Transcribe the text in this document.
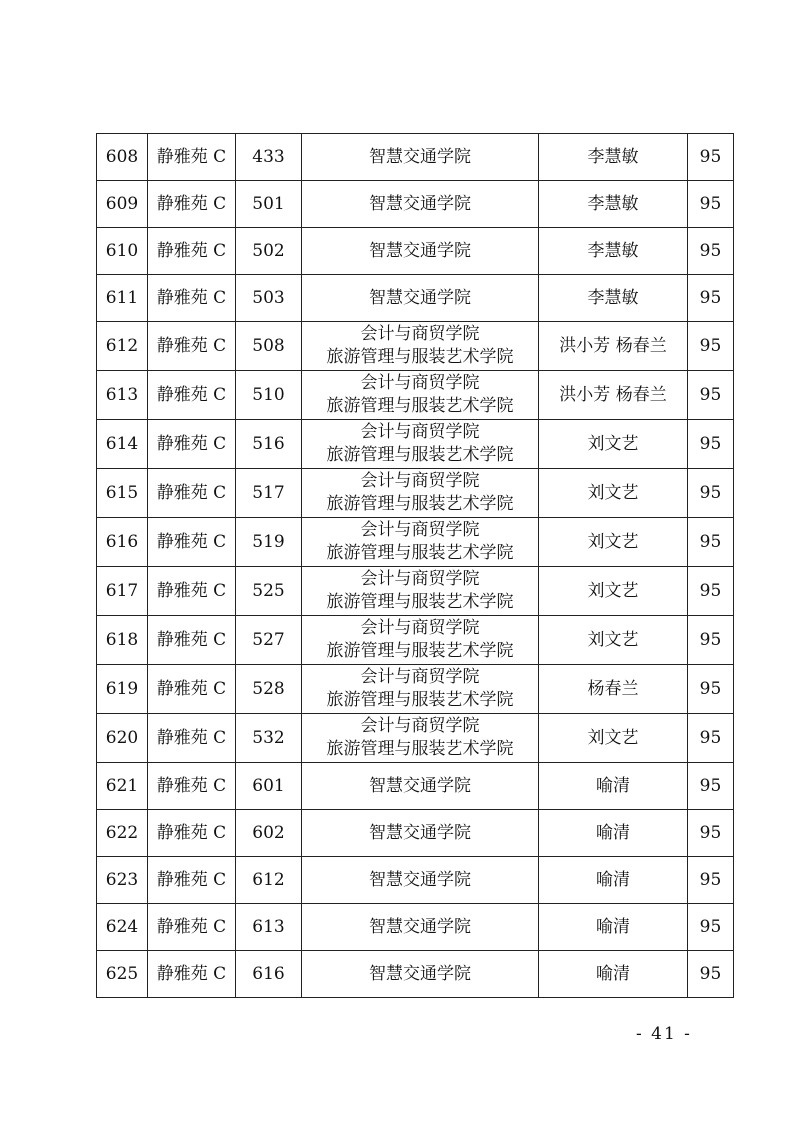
608	静雅苑 C	433	智慧交通学院	李慧敏	95
609	静雅苑 C	501	智慧交通学院	李慧敏	95
610	静雅苑 C	502	智慧交通学院	李慧敏	95
611	静雅苑 C	503	智慧交通学院	李慧敏	95
612	静雅苑 C	508	会计与商贸学院
旅游管理与服装艺术学院	洪小芳 杨春兰	95
613	静雅苑 C	510	会计与商贸学院
旅游管理与服装艺术学院	洪小芳 杨春兰	95
614	静雅苑 C	516	会计与商贸学院
旅游管理与服装艺术学院	刘文艺	95
615	静雅苑 C	517	会计与商贸学院
旅游管理与服装艺术学院	刘文艺	95
616	静雅苑 C	519	会计与商贸学院
旅游管理与服装艺术学院	刘文艺	95
617	静雅苑 C	525	会计与商贸学院
旅游管理与服装艺术学院	刘文艺	95
618	静雅苑 C	527	会计与商贸学院
旅游管理与服装艺术学院	刘文艺	95
619	静雅苑 C	528	会计与商贸学院
旅游管理与服装艺术学院	杨春兰	95
620	静雅苑 C	532	会计与商贸学院
旅游管理与服装艺术学院	刘文艺	95
621	静雅苑 C	601	智慧交通学院	喻清	95
622	静雅苑 C	602	智慧交通学院	喻清	95
623	静雅苑 C	612	智慧交通学院	喻清	95
624	静雅苑 C	613	智慧交通学院	喻清	95
625	静雅苑 C	616	智慧交通学院	喻清	95
- 41 -
